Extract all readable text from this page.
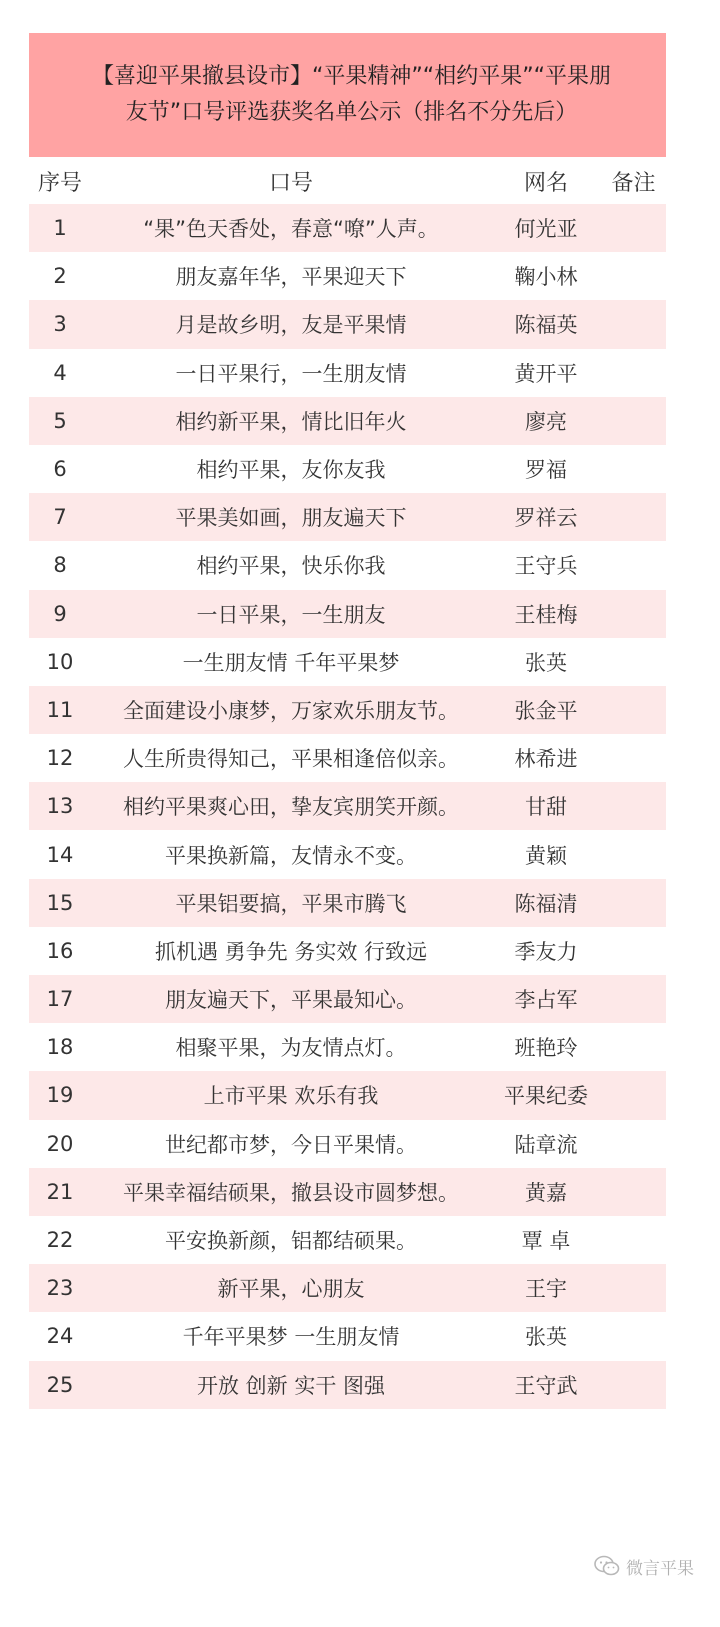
【喜迎平果撤县设市】“平果精神”“相约平果”“平果朋
友节”口号评选获奖名单公示（排名不分先后）
序号	口号	网名	备注
1	“果”色天香处，春意“嘹”人声。	何光亚
2	朋友嘉年华，平果迎天下	鞠小林
3	月是故乡明，友是平果情	陈福英
4	一日平果行，一生朋友情	黄开平
5	相约新平果，情比旧年火	廖亮
6	相约平果，友你友我	罗福
7	平果美如画，朋友遍天下	罗祥云
8	相约平果，快乐你我	王守兵
9	一日平果，一生朋友	王桂梅
10	一生朋友情 千年平果梦	张英
11	全面建设小康梦，万家欢乐朋友节。	张金平
12	人生所贵得知己，平果相逢倍似亲。	林希进
13	相约平果爽心田，挚友宾朋笑开颜。	甘甜
14	平果换新篇，友情永不变。	黄颖
15	平果铝要搞，平果市腾飞	陈福清
16	抓机遇 勇争先 务实效 行致远	季友力
17	朋友遍天下，平果最知心。	李占军
18	相聚平果，为友情点灯。	班艳玲
19	上市平果 欢乐有我	平果纪委
20	世纪都市梦，今日平果情。	陆章流
21	平果幸福结硕果，撤县设市圆梦想。	黄嘉
22	平安换新颜，铝都结硕果。	覃 卓
23	新平果，心朋友	王宇
24	千年平果梦 一生朋友情	张英
25	开放 创新 实干 图强	王守武
微言平果
